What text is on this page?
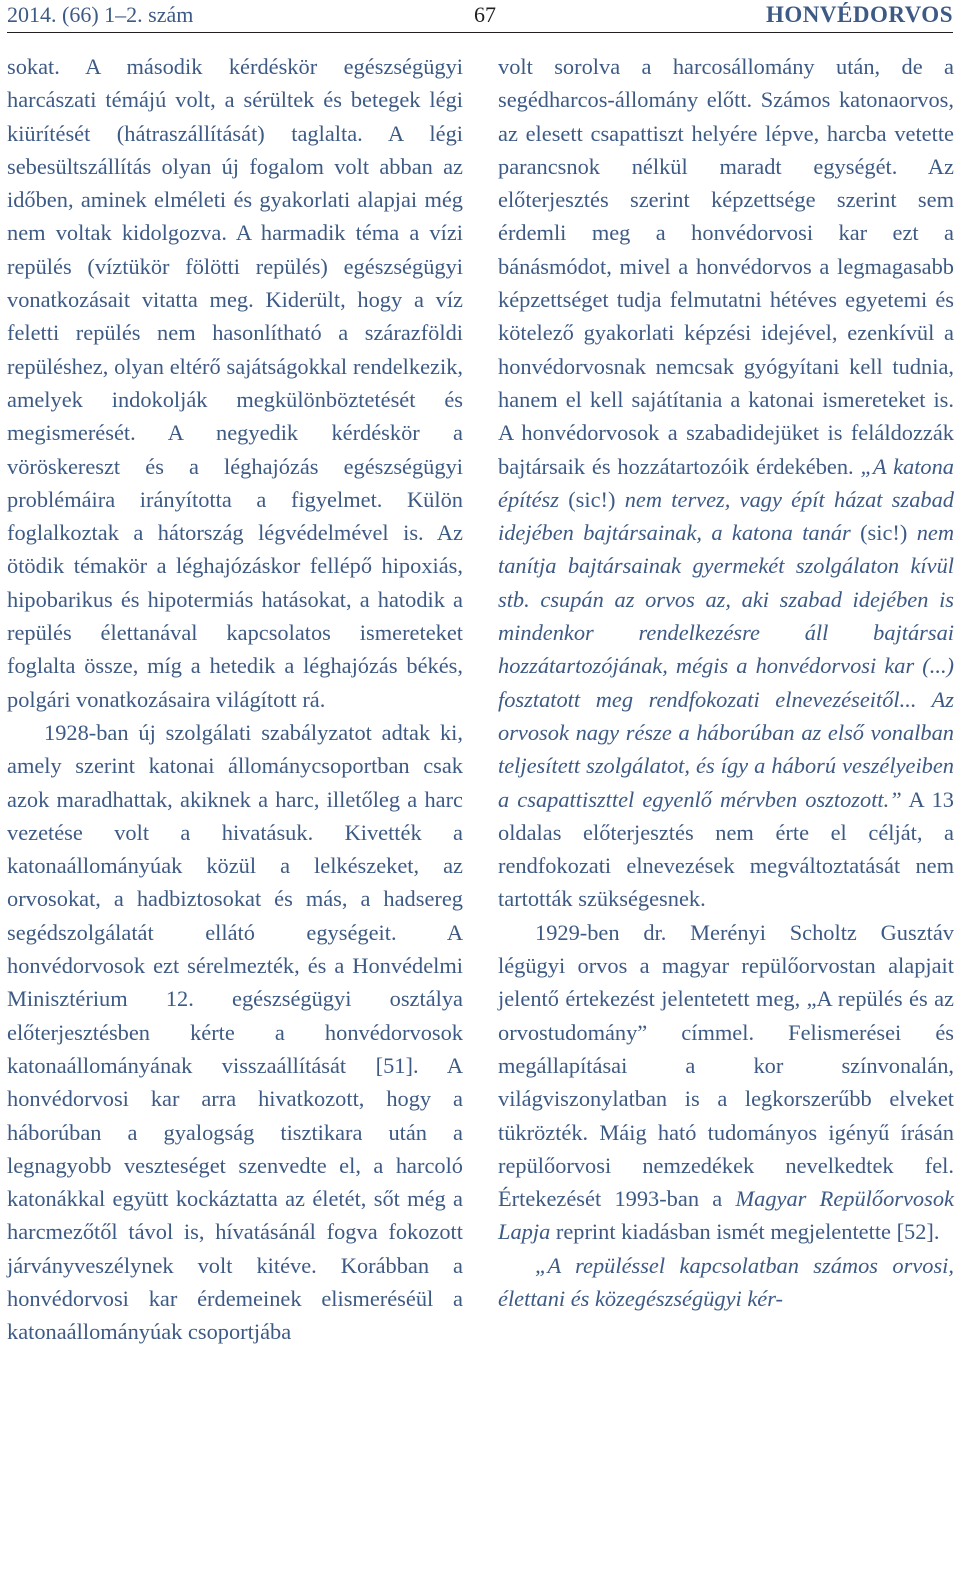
2014. (66) 1–2. szám	67	HONVÉDORVOS

sokat. A második kérdéskör egészségügyi harcászati témájú volt, a sérültek és betegek légi kiürítését (hátraszállítását) taglalta. A légi sebesültszállítás olyan új fogalom volt abban az időben, aminek elméleti és gyakorlati alapjai még nem voltak kidolgozva. A harmadik téma a vízi repülés (víztükör fölötti repülés) egészségügyi vonatkozásait vitatta meg. Kiderült, hogy a víz feletti repülés nem hasonlítható a szárazföldi repüléshez, olyan eltérő sajátságokkal rendelkezik, amelyek indokolják megkülönböztetését és megismerését. A negyedik kérdéskör a vöröskereszt és a léghajózás egészségügyi problémáira irányította a figyelmet. Külön foglalkoztak a hátország légvédelmével is. Az ötödik témakör a léghajózáskor fellépő hipoxiás, hipobarikus és hipotermiás hatásokat, a hatodik a repülés élettanával kapcsolatos ismereteket foglalta össze, míg a hetedik a léghajózás békés, polgári vonatkozásaira világított rá.

1928-ban új szolgálati szabályzatot adtak ki, amely szerint katonai állománycsoportban csak azok maradhattak, akiknek a harc, illetőleg a harc vezetése volt a hivatásuk. Kivették a katonaállományúak közül a lelkészeket, az orvosokat, a hadbiztosokat és más, a hadsereg segédszolgálatát ellátó egységeit. A honvédorvosok ezt sérelmezték, és a Honvédelmi Minisztérium 12. egészségügyi osztálya előterjesztésben kérte a honvédorvosok katonaállományának visszaállítását [51]. A honvédorvosi kar arra hivatkozott, hogy a háborúban a gyalogság tisztikara után a legnagyobb veszteséget szenvedte el, a harcoló katonákkal együtt kockáztatta az életét, sőt még a harcmezőtől távol is, hívatásánál fogva fokozott járványveszélynek volt kitéve. Korábban a honvédorvosi kar érdemeinek elismeréséül a katonaállományúak csoportjába

volt sorolva a harcosállomány után, de a segédharcos-állomány előtt. Számos katonaorvos, az elesett csapattiszt helyére lépve, harcba vetette parancsnok nélkül maradt egységét. Az előterjesztés szerint képzettsége szerint sem érdemli meg a honvédorvosi kar ezt a bánásmódot, mivel a honvédorvos a legmagasabb képzettséget tudja felmutatni hétéves egyetemi és kötelező gyakorlati képzési idejével, ezenkívül a honvédorvosnak nemcsak gyógyítani kell tudnia, hanem el kell sajátítania a katonai ismereteket is. A honvédorvosok a szabadidejüket is feláldozzák bajtársaik és hozzátartozóik érdekében. „A katona építész (sic!) nem tervez, vagy épít házat szabad idejében bajtársainak, a katona tanár (sic!) nem tanítja bajtársainak gyermekét szolgálaton kívül stb. csupán az orvos az, aki szabad idejében is mindenkor rendelkezésre áll bajtársai hozzátartozójának, mégis a honvédorvosi kar (...) fosztatott meg rendfokozati elnevezéseitől... Az orvosok nagy része a háborúban az első vonalban teljesített szolgálatot, és így a háború veszélyeiben a csapattiszttel egyenlő mérvben osztozott.” A 13 oldalas előterjesztés nem érte el célját, a rendfokozati elnevezések megváltoztatását nem tartották szükségesnek.

1929-ben dr. Merényi Scholtz Gusztáv légügyi orvos a magyar repülőorvostan alapjait jelentő értekezést jelentetett meg, „A repülés és az orvostudomány” címmel. Felismerései és megállapításai a kor színvonalán, világviszonylatban is a legkorszerűbb elveket tükrözték. Máig ható tudományos igényű írásán repülőorvosi nemzedékek nevelkedtek fel. Értekezését 1993-ban a Magyar Repülőorvosok Lapja reprint kiadásban ismét megjelentette [52].

„A repüléssel kapcsolatban számos orvosi, élettani és közegészségügyi kér-
